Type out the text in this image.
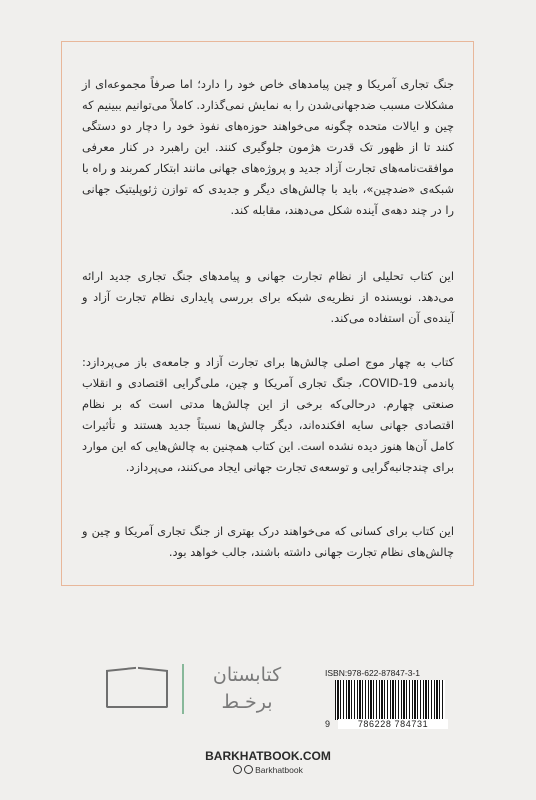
جنگ تجاری آمریکا و چین پیامدهای خاص خود را دارد؛ اما صرفاً مجموعه‌ای از مشکلات مسبب ضدجهانی‌شدن را به نمایش نمی‌گذارد. کاملاً می‌توانیم ببینیم که چین و ایالات متحده چگونه می‌خواهند حوزه‌های نفوذ خود را دچار دو دستگی کنند تا از ظهور تک قدرت هژمون جلوگیری کنند. این راهبرد در کنار معرفی موافقت‌نامه‌های تجارت آزاد جدید و پروژه‌های جهانی مانند ابتکار کمربند و راه با شبکه‌ی «ضدچین»، باید با چالش‌های دیگر و جدیدی که توازن ژئوپلیتیک جهانی را در چند دهه‌ی آینده شکل می‌دهند، مقابله کند.
این کتاب تحلیلی از نظام تجارت جهانی و پیامدهای جنگ تجاری جدید ارائه می‌دهد. نویسنده از نظریه‌ی شبکه برای بررسی پایداری نظام تجارت آزاد و آینده‌ی آن استفاده می‌کند.
کتاب به چهار موج اصلی چالش‌ها برای تجارت آزاد و جامعه‌ی باز می‌پردازد: پاندمی COVID-19، جنگ تجاری آمریکا و چین، ملی‌گرایی اقتصادی و انقلاب صنعتی چهارم. درحالی‌که برخی از این چالش‌ها مدتی است که بر نظام اقتصادی جهانی سایه افکنده‌اند، دیگر چالش‌ها نسبتاً جدید هستند و تأثیرات کامل آن‌ها هنوز دیده نشده است. این کتاب همچنین به چالش‌هایی که این موارد برای چندجانبه‌گرایی و توسعه‌ی تجارت جهانی ایجاد می‌کنند، می‌پردازد.
این کتاب برای کسانی که می‌خواهند درک بهتری از جنگ تجاری آمریکا و چین و چالش‌های نظام تجارت جهانی داشته باشند، جالب خواهد بود.
کتابستان
برخـط
ISBN:978-622-87847-3-1
9	786228 784731
BARKHATBOOK.COM
Barkhatbook
